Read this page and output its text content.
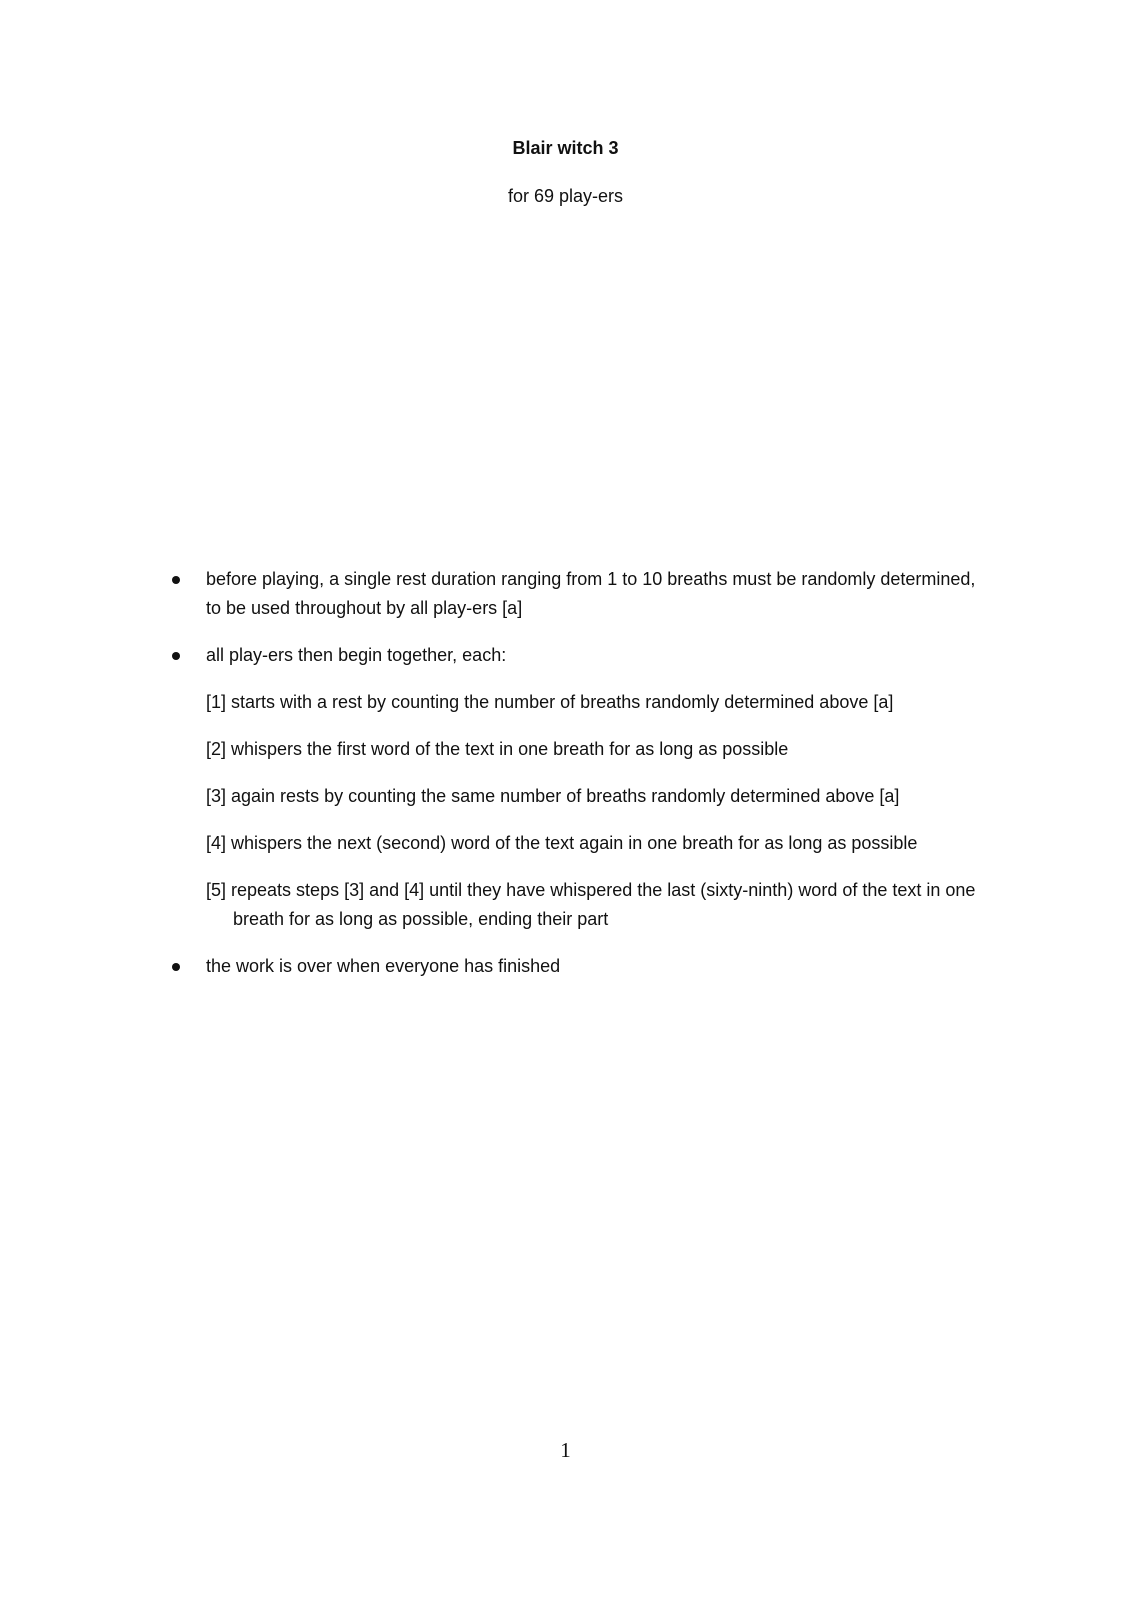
Blair witch 3

for 69 play-ers

before playing, a single rest duration ranging from 1 to 10 breaths must be randomly determined, to be used throughout by all play-ers [a]
all play-ers then begin together, each:
[1] starts with a rest by counting the number of breaths randomly determined above [a]
[2] whispers the first word of the text in one breath for as long as possible
[3] again rests by counting the same number of breaths randomly determined above [a]
[4] whispers the next (second) word of the text again in one breath for as long as possible
[5] repeats steps [3] and [4] until they have whispered the last (sixty-ninth) word of the text in one breath for as long as possible, ending their part
the work is over when everyone has finished

1
